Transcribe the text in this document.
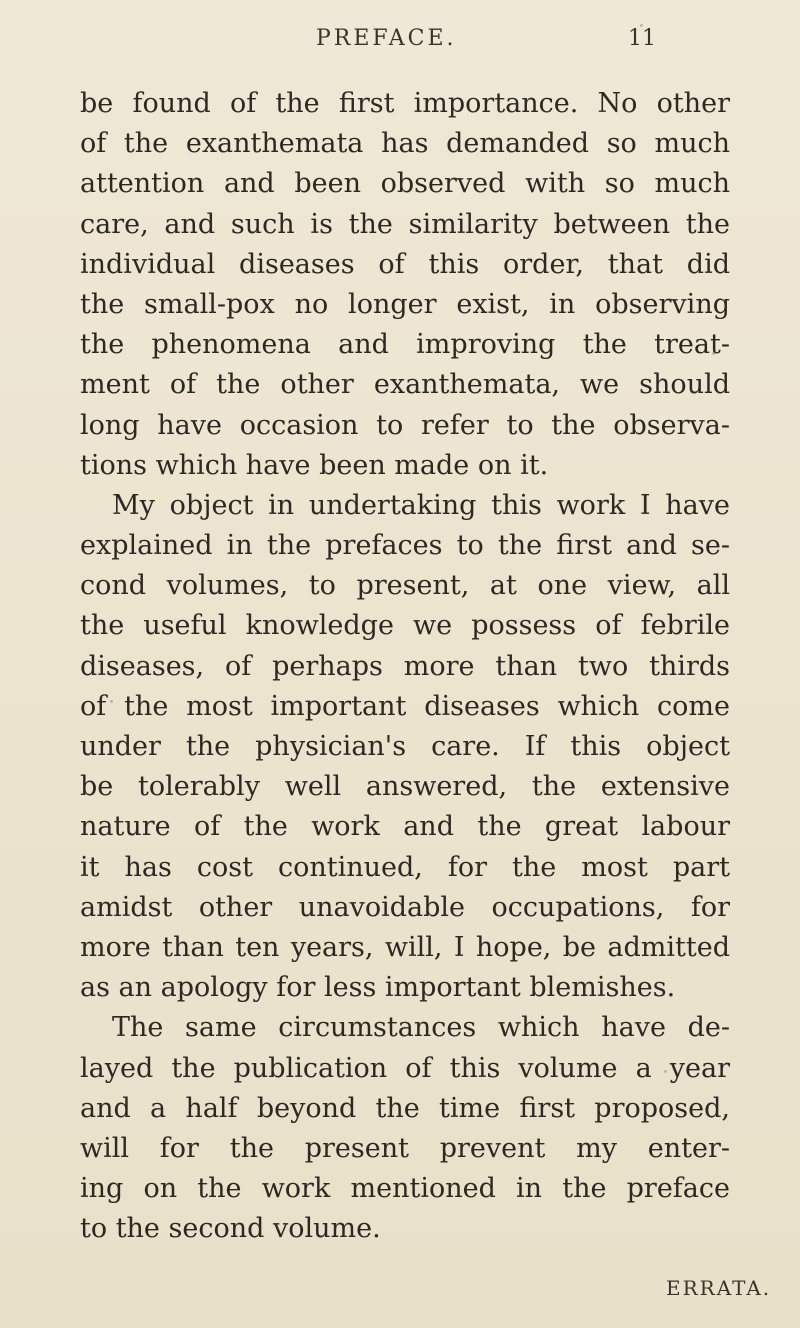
PREFACE.	11
be found of the first importance. No other
of the exanthemata has demanded so much
attention and been observed with so much
care, and such is the similarity between the
individual diseases of this order, that did
the small-pox no longer exist, in observing
the phenomena and improving the treat-
ment of the other exanthemata, we should
long have occasion to refer to the observa-
tions which have been made on it.
My object in undertaking this work I have
explained in the prefaces to the first and se-
cond volumes, to present, at one view, all
the useful knowledge we possess of febrile
diseases, of perhaps more than two thirds
of the most important diseases which come
under the physician's care. If this object
be tolerably well answered, the extensive
nature of the work and the great labour
it has cost continued, for the most part
amidst other unavoidable occupations, for
more than ten years, will, I hope, be admitted
as an apology for less important blemishes.
The same circumstances which have de-
layed the publication of this volume a year
and a half beyond the time first proposed,
will for the present prevent my enter-
ing on the work mentioned in the preface
to the second volume.
ERRATA.
